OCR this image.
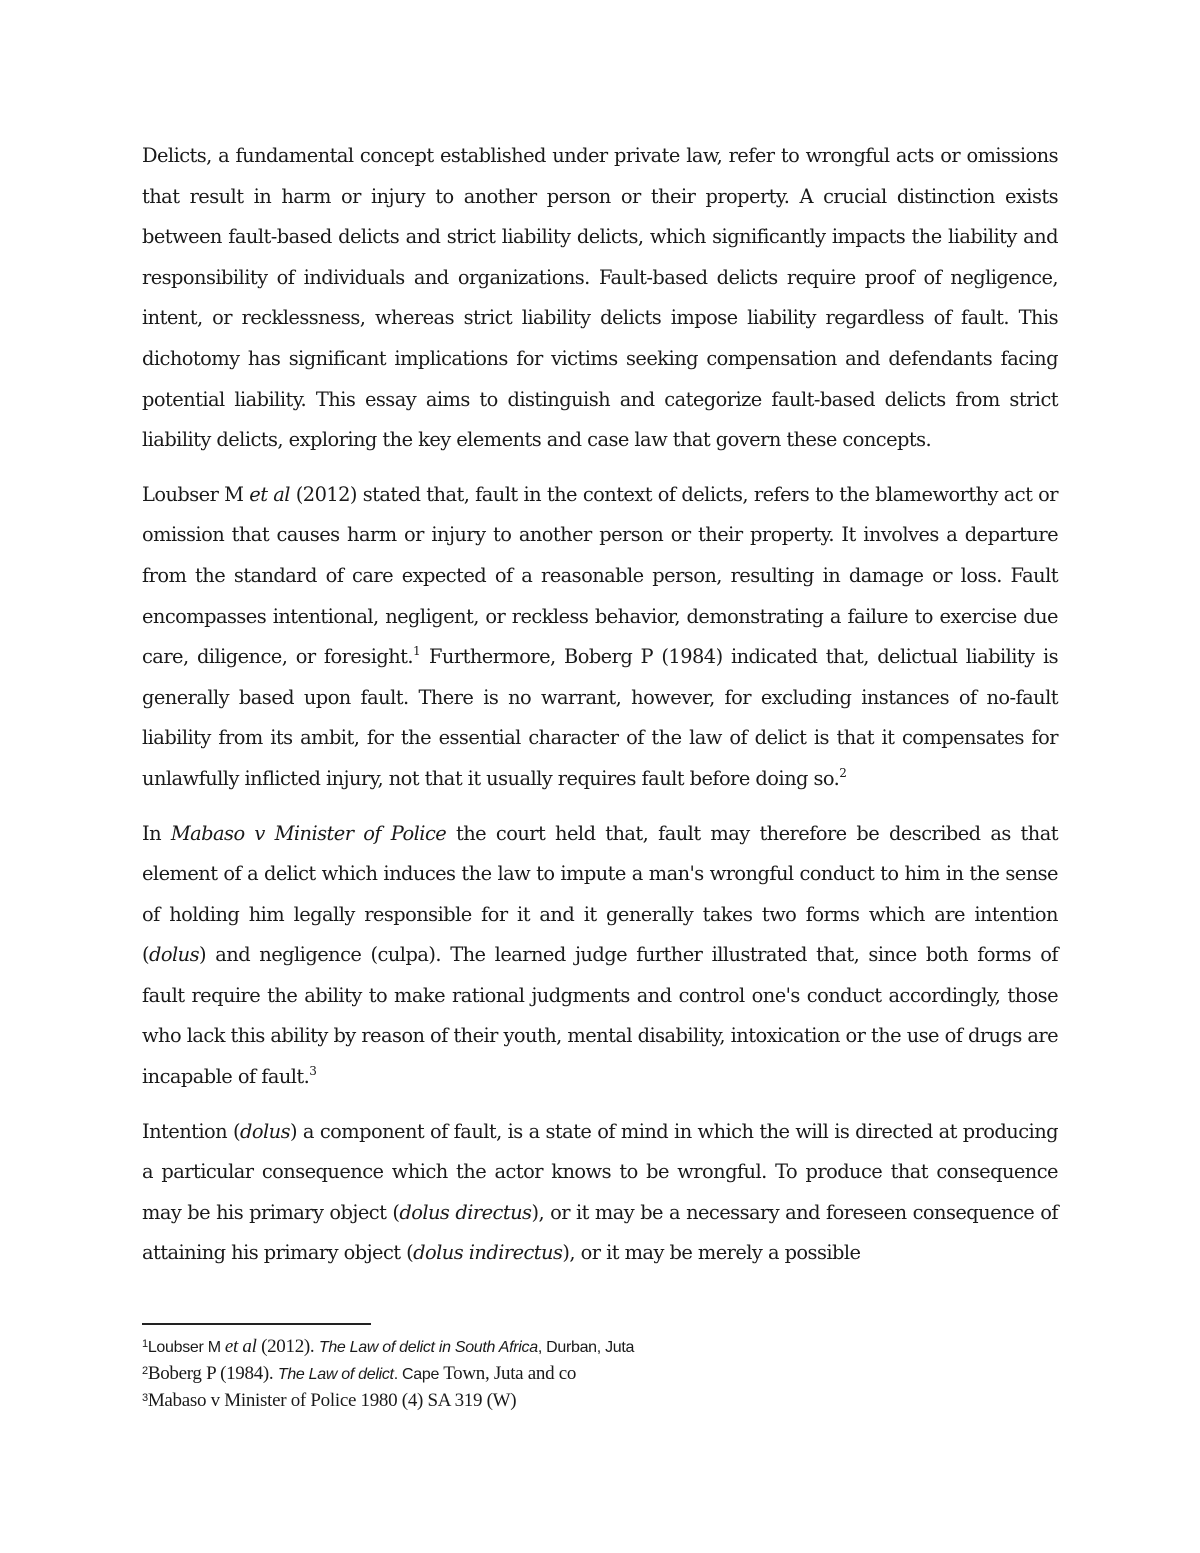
Delicts, a fundamental concept established under private law, refer to wrongful acts or omissions that result in harm or injury to another person or their property. A crucial distinction exists between fault-based delicts and strict liability delicts, which significantly impacts the liability and responsibility of individuals and organizations. Fault-based delicts require proof of negligence, intent, or recklessness, whereas strict liability delicts impose liability regardless of fault. This dichotomy has significant implications for victims seeking compensation and defendants facing potential liability. This essay aims to distinguish and categorize fault-based delicts from strict liability delicts, exploring the key elements and case law that govern these concepts.

Loubser M et al (2012) stated that, fault in the context of delicts, refers to the blameworthy act or omission that causes harm or injury to another person or their property. It involves a departure from the standard of care expected of a reasonable person, resulting in damage or loss. Fault encompasses intentional, negligent, or reckless behavior, demonstrating a failure to exercise due care, diligence, or foresight.$^1$ Furthermore, Boberg P (1984) indicated that, delictual liability is generally based upon fault. There is no warrant, however, for excluding instances of no-fault liability from its ambit, for the essential character of the law of delict is that it compensates for unlawfully inflicted injury, not that it usually requires fault before doing so.$^2$

In Mabaso v Minister of Police the court held that, fault may therefore be described as that element of a delict which induces the law to impute a man's wrongful conduct to him in the sense of holding him legally responsible for it and it generally takes two forms which are intention (dolus) and negligence (culpa). The learned judge further illustrated that, since both forms of fault require the ability to make rational judgments and control one's conduct accordingly, those who lack this ability by reason of their youth, mental disability, intoxication or the use of drugs are incapable of fault.$^3$

Intention (dolus) a component of fault, is a state of mind in which the will is directed at producing a particular consequence which the actor knows to be wrongful. To produce that consequence may be his primary object (dolus directus), or it may be a necessary and foreseen consequence of attaining his primary object (dolus indirectus), or it may be merely a possible

$^1$Loubser M et al (2012). The Law of delict in South Africa, Durban, Juta
$^2$Boberg P (1984). The Law of delict. Cape Town, Juta and co
$^3$Mabaso v Minister of Police 1980 (4) SA 319 (W)
